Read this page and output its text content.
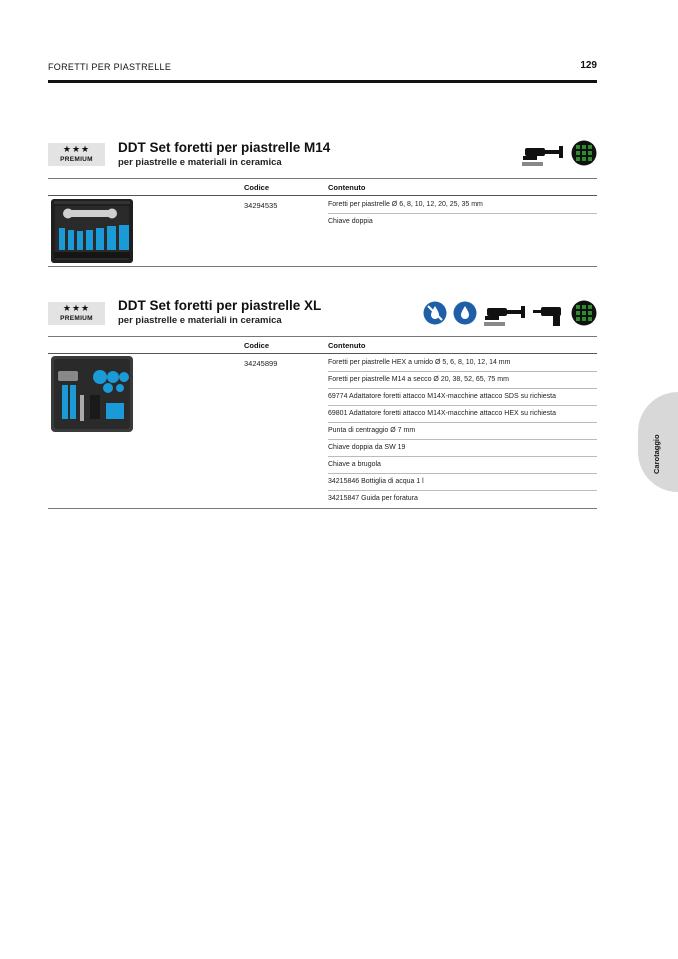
FORETTI PER PIASTRELLE	129
★★★
PREMIUM
DDT Set foretti per piastrelle M14
per piastrelle e materiali in ceramica
Codice	Contenuto
34294535	Foretti per piastrelle Ø 6, 8, 10, 12, 20, 25, 35 mm
Chiave doppia
★★★
PREMIUM
DDT Set foretti per piastrelle XL
per piastrelle e materiali in ceramica
Codice	Contenuto
34245899	Foretti per piastrelle HEX a umido Ø 5, 6, 8, 10, 12, 14 mm
Foretti per piastrelle M14 a secco Ø 20, 38, 52, 65, 75 mm
69774 Adattatore foretti attacco M14X-macchine attacco SDS su richiesta
69801 Adattatore foretti attacco M14X-macchine attacco HEX su richiesta
Punta di centraggio Ø 7 mm
Chiave doppia da SW 19
Chiave a brugola
34215846 Bottiglia di acqua 1 l
34215847 Guida per foratura
Carotaggio
